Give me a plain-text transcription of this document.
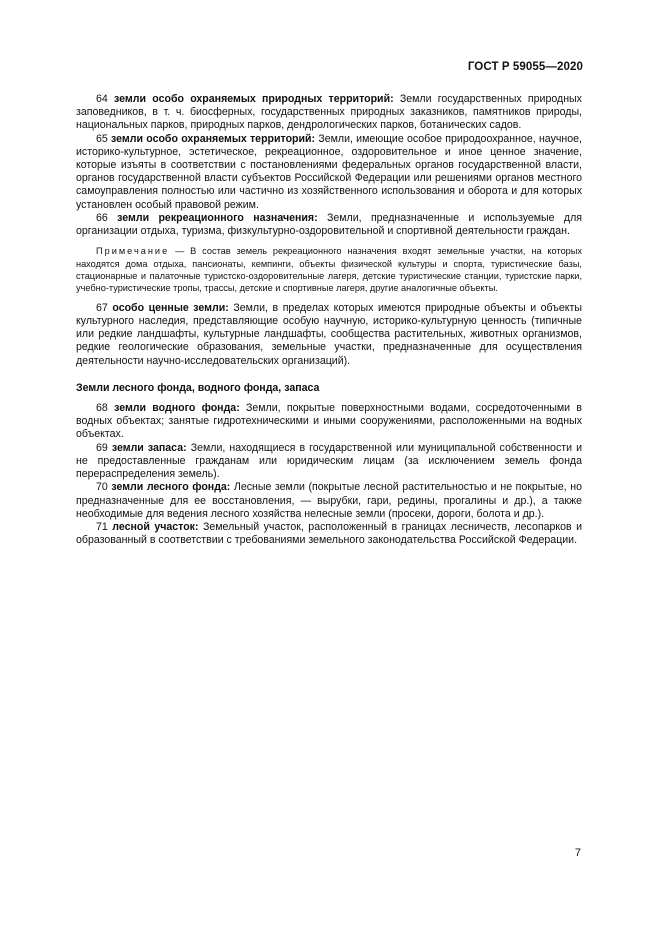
ГОСТ Р 59055—2020

64 земли особо охраняемых природных территорий: Земли государственных природных заповедников, в т. ч. биосферных, государственных природных заказников, памятников природы, национальных парков, природных парков, дендрологических парков, ботанических садов.

65 земли особо охраняемых территорий: Земли, имеющие особое природоохранное, научное, историко-культурное, эстетическое, рекреационное, оздоровительное и иное ценное значение, которые изъяты в соответствии с постановлениями федеральных органов государственной власти, органов государственной власти субъектов Российской Федерации или решениями органов местного самоуправления полностью или частично из хозяйственного использования и оборота и для которых установлен особый правовой режим.

66 земли рекреационного назначения: Земли, предназначенные и используемые для организации отдыха, туризма, физкультурно-оздоровительной и спортивной деятельности граждан.

Примечание — В состав земель рекреационного назначения входят земельные участки, на которых находятся дома отдыха, пансионаты, кемпинги, объекты физической культуры и спорта, туристические базы, стационарные и палаточные туристско-оздоровительные лагеря, детские туристические станции, туристские парки, учебно-туристические тропы, трассы, детские и спортивные лагеря, другие аналогичные объекты.

67 особо ценные земли: Земли, в пределах которых имеются природные объекты и объекты культурного наследия, представляющие особую научную, историко-культурную ценность (типичные или редкие ландшафты, культурные ландшафты, сообщества растительных, животных организмов, редкие геологические образования, земельные участки, предназначенные для осуществления деятельности научно-исследовательских организаций).

Земли лесного фонда, водного фонда, запаса

68 земли водного фонда: Земли, покрытые поверхностными водами, сосредоточенными в водных объектах; занятые гидротехническими и иными сооружениями, расположенными на водных объектах.

69 земли запаса: Земли, находящиеся в государственной или муниципальной собственности и не предоставленные гражданам или юридическим лицам (за исключением земель фонда перераспределения земель).

70 земли лесного фонда: Лесные земли (покрытые лесной растительностью и не покрытые, но предназначенные для ее восстановления, — вырубки, гари, редины, прогалины и др.), а также необходимые для ведения лесного хозяйства нелесные земли (просеки, дороги, болота и др.).

71 лесной участок: Земельный участок, расположенный в границах лесничеств, лесопарков и образованный в соответствии с требованиями земельного законодательства Российской Федерации.

7
